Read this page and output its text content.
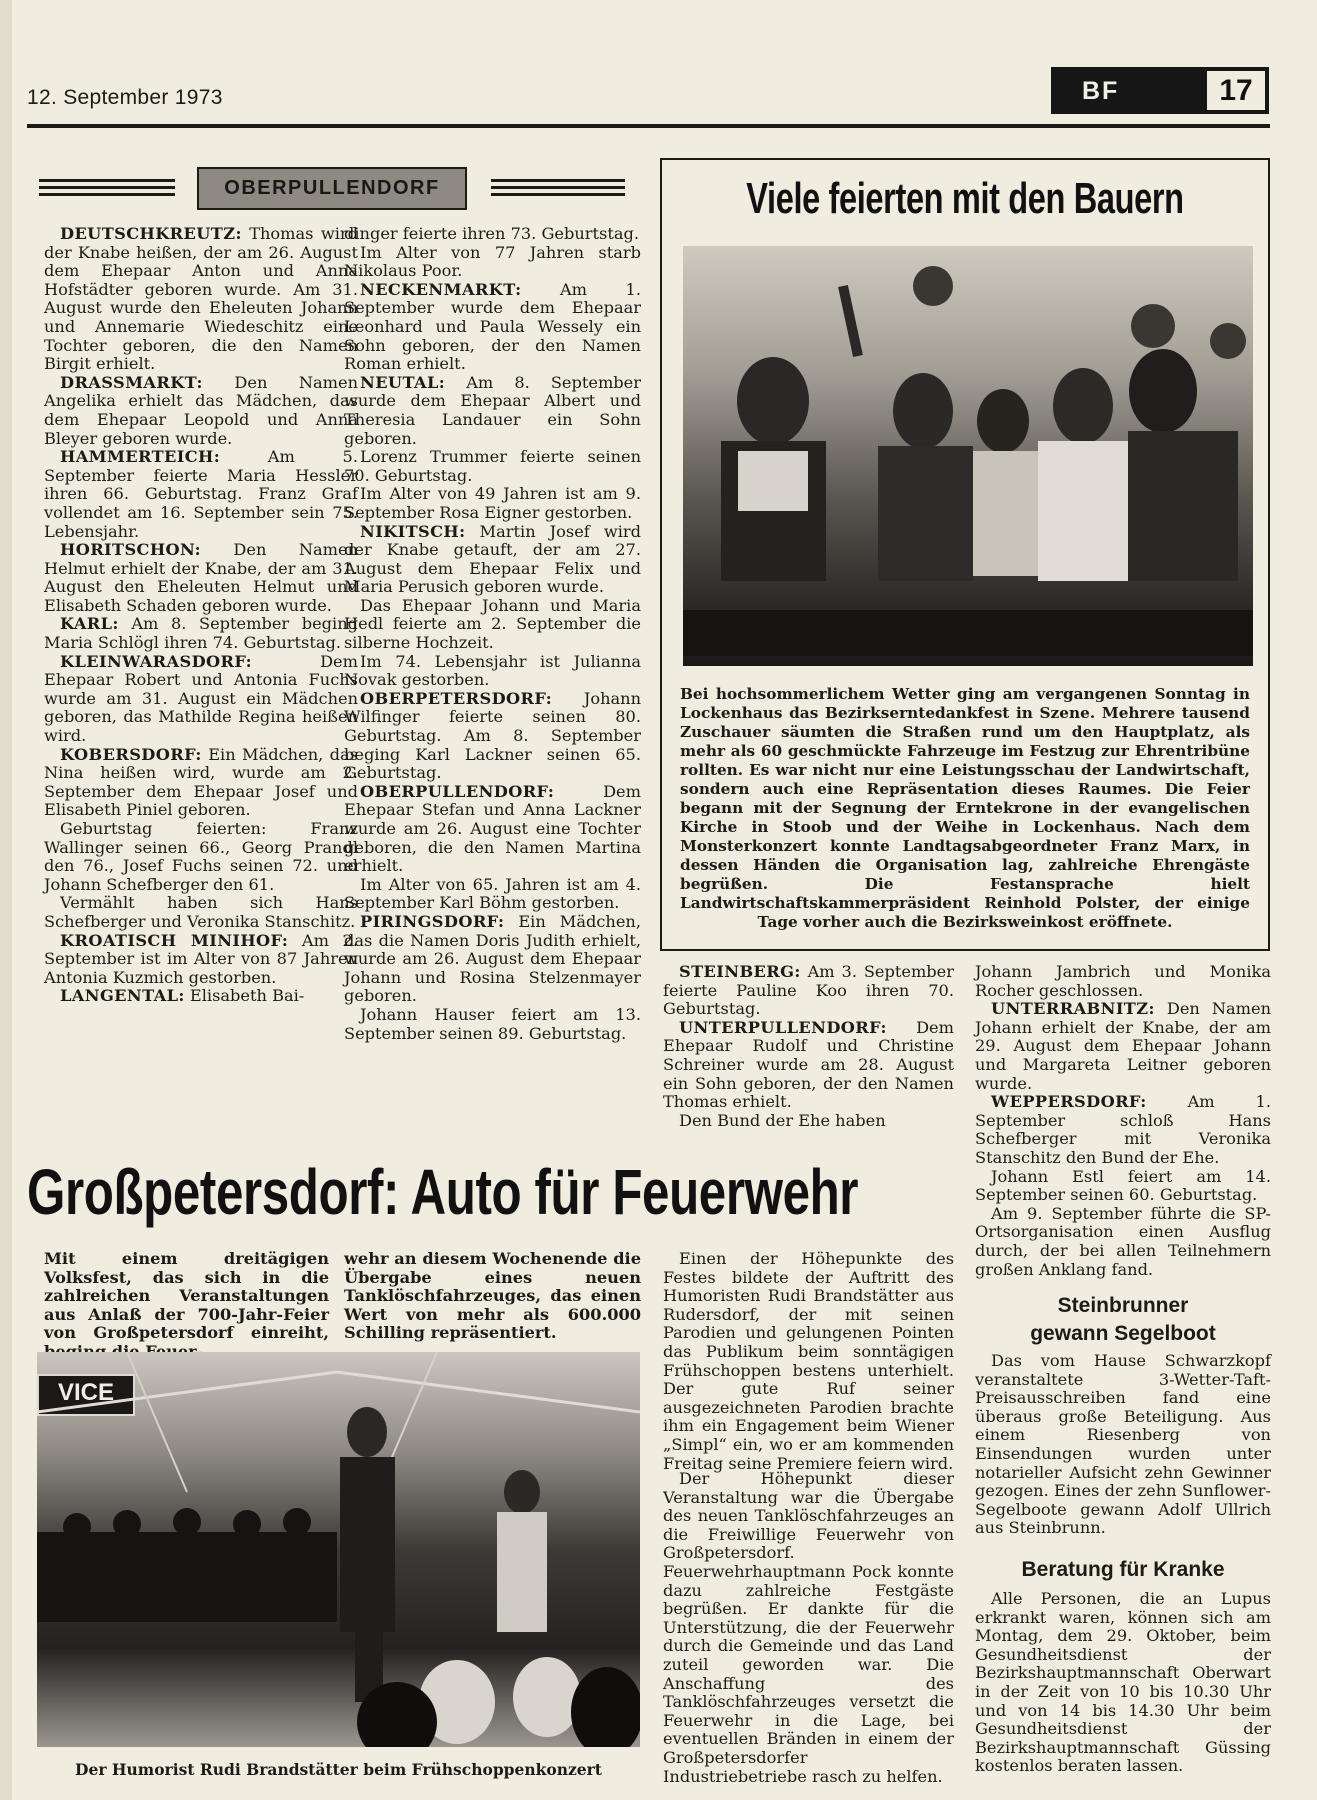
12. September 1973	BF	17
OBERPULLENDORF

DEUTSCHKREUTZ: Thomas wird der Knabe heißen, der am 26. August dem Ehepaar Anton und Anna Hofstädter geboren wurde. Am 31. August wurde den Eheleuten Johann und Annemarie Wiedeschitz eine Tochter geboren, die den Namen Birgit erhielt.

DRASSMARKT: Den Namen Angelika erhielt das Mädchen, das dem Ehepaar Leopold und Anna Bleyer geboren wurde.

HAMMERTEICH: Am 5. September feierte Maria Hessler ihren 66. Geburtstag. Franz Graf vollendet am 16. September sein 75. Lebensjahr.

HORITSCHON: Den Namen Helmut erhielt der Knabe, der am 31. August den Eheleuten Helmut und Elisabeth Schaden geboren wurde.

KARL: Am 8. September beging Maria Schlögl ihren 74. Geburtstag.

KLEINWARASDORF: Dem Ehepaar Robert und Antonia Fuchs wurde am 31. August ein Mädchen geboren, das Mathilde Regina heißen wird.

KOBERSDORF: Ein Mädchen, das Nina heißen wird, wurde am 2. September dem Ehepaar Josef und Elisabeth Piniel geboren.

Geburtstag feierten: Franz Wallinger seinen 66., Georg Prandl den 76., Josef Fuchs seinen 72. und Johann Schefberger den 61.

Vermählt haben sich Hans Schefberger und Veronika Stanschitz.

KROATISCH MINIHOF: Am 2. September ist im Alter von 87 Jahren Antonia Kuzmich gestorben.

LANGENTAL: Elisabeth Bai-

dinger feierte ihren 73. Geburtstag.

Im Alter von 77 Jahren starb Nikolaus Poor.

NECKENMARKT: Am 1. September wurde dem Ehepaar Leonhard und Paula Wessely ein Sohn geboren, der den Namen Roman erhielt.

NEUTAL: Am 8. September wurde dem Ehepaar Albert und Theresia Landauer ein Sohn geboren.

Lorenz Trummer feierte seinen 70. Geburtstag.

Im Alter von 49 Jahren ist am 9. September Rosa Eigner gestorben.

NIKITSCH: Martin Josef wird der Knabe getauft, der am 27. August dem Ehepaar Felix und Maria Perusich geboren wurde.

Das Ehepaar Johann und Maria Hedl feierte am 2. September die silberne Hochzeit.

Im 74. Lebensjahr ist Julianna Novak gestorben.

OBERPETERSDORF: Johann Wilfinger feierte seinen 80. Geburtstag. Am 8. September beging Karl Lackner seinen 65. Geburtstag.

OBERPULLENDORF: Dem Ehepaar Stefan und Anna Lackner wurde am 26. August eine Tochter geboren, die den Namen Martina erhielt.

Im Alter von 65. Jahren ist am 4. September Karl Böhm gestorben.

PIRINGSDORF: Ein Mädchen, das die Namen Doris Judith erhielt, wurde am 26. August dem Ehepaar Johann und Rosina Stelzenmayer geboren.

Johann Hauser feiert am 13. September seinen 89. Geburtstag.

Viele feierten mit den Bauern
Bei hochsommerlichem Wetter ging am vergangenen Sonntag in Lockenhaus das Bezirkserntedankfest in Szene. Mehrere tausend Zuschauer säumten die Straßen rund um den Hauptplatz, als mehr als 60 geschmückte Fahrzeuge im Festzug zur Ehrentribüne rollten. Es war nicht nur eine Leistungsschau der Landwirtschaft, sondern auch eine Repräsentation dieses Raumes. Die Feier begann mit der Segnung der Erntekrone in der evangelischen Kirche in Stoob und der Weihe in Lockenhaus. Nach dem Monsterkonzert konnte Landtagsabgeordneter Franz Marx, in dessen Händen die Organisation lag, zahlreiche Ehrengäste begrüßen. Die Festansprache hielt Landwirtschaftskammerpräsident Reinhold Polster, der einige Tage vorher auch die Bezirksweinkost eröffnete.

STEINBERG: Am 3. September feierte Pauline Koo ihren 70. Geburtstag.

UNTERPULLENDORF: Dem Ehepaar Rudolf und Christine Schreiner wurde am 28. August ein Sohn geboren, der den Namen Thomas erhielt.

Den Bund der Ehe haben

Johann Jambrich und Monika Rocher geschlossen.

UNTERRABNITZ: Den Namen Johann erhielt der Knabe, der am 29. August dem Ehepaar Johann und Margareta Leitner geboren wurde.

WEPPERSDORF: Am 1. September schloß Hans Schefberger mit Veronika Stanschitz den Bund der Ehe.

Johann Estl feiert am 14. September seinen 60. Geburtstag.

Am 9. September führte die SP-Ortsorganisation einen Ausflug durch, der bei allen Teilnehmern großen Anklang fand.

Großpetersdorf: Auto für Feuerwehr
Mit einem dreitägigen Volksfest, das sich in die zahlreichen Veranstaltungen aus Anlaß der 700-Jahr-Feier von Großpetersdorf einreiht,
wehr an diesem Wochenende die Übergabe eines neuen Tanklöschfahrzeuges, das einen Wert von mehr als 600.000 Schilling repräsentiert.
VICE
Der Humorist Rudi Brandstätter beim Frühschoppenkonzert

Einen der Höhepunkte des Festes bildete der Auftritt des Humoristen Rudi Brandstätter aus Rudersdorf, der mit seinen Parodien und gelungenen Pointen das Publikum beim sonntägigen Frühschoppen bestens unterhielt. Der gute Ruf seiner ausgezeichneten Parodien brachte ihm ein Engagement beim Wiener „Simpl“ ein, wo er am kommenden Freitag seine Premiere feiern wird.

Der Höhepunkt dieser Veranstaltung war die Übergabe des neuen Tanklöschfahrzeuges an die Freiwillige Feuerwehr von Großpetersdorf. Feuerwehrhauptmann Pock konnte dazu zahlreiche Festgäste begrüßen. Er dankte für die Unterstützung, die der Feuerwehr durch die Gemeinde und das Land zuteil geworden war. Die Anschaffung des Tanklöschfahrzeuges versetzt die Feuerwehr in die Lage, bei eventuellen Bränden in einem der Großpetersdorfer Industriebetriebe rasch zu helfen.

Steinbrunner
gewann Segelboot

Das vom Hause Schwarzkopf veranstaltete 3-Wetter-Taft-Preisausschreiben fand eine überaus große Beteiligung. Aus einem Riesenberg von Einsendungen wurden unter notarieller Aufsicht zehn Gewinner gezogen. Eines der zehn Sunflower-Segelboote gewann Adolf Ullrich aus Steinbrunn.

Beratung für Kranke

Alle Personen, die an Lupus erkrankt waren, können sich am Montag, dem 29. Oktober, beim Gesundheitsdienst der Bezirkshauptmannschaft Oberwart in der Zeit von 10 bis 10.30 Uhr und von 14 bis 14.30 Uhr beim Gesundheitsdienst der Bezirkshauptmannschaft Güssing kostenlos beraten lassen.
